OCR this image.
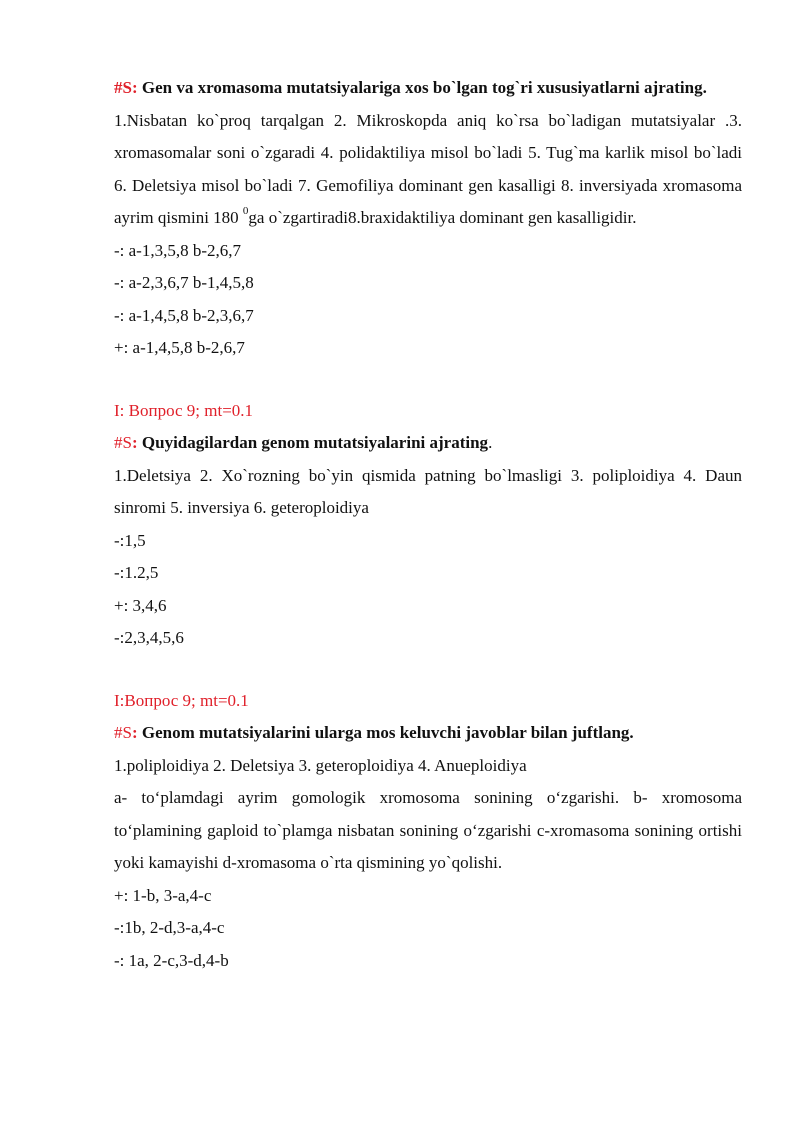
#S: Gen va xromasoma mutatsiyalariga xos bo`lgan tog`ri xususiyatlarni ajrating.

1.Nisbatan ko`proq tarqalgan 2. Mikroskopda aniq ko`rsa bo`ladigan mutatsiyalar .3. xromasomalar soni o`zgaradi 4. polidaktiliya misol bo`ladi 5. Tug`ma karlik misol bo`ladi 6. Deletsiya misol bo`ladi 7. Gemofiliya dominant gen kasalligi 8. inversiyada xromasoma ayrim qismini 180 $^0$ga o`zgartiradi8.braxidaktiliya dominant gen kasalligidir.

-: a-1,3,5,8 b-2,6,7

-: a-2,3,6,7 b-1,4,5,8

-: a-1,4,5,8 b-2,3,6,7

+: a-1,4,5,8 b-2,6,7

I: Вопрос 9; mt=0.1

#S: Quyidagilardan genom mutatsiyalarini ajrating.

1.Deletsiya 2. Xo`rozning bo`yin qismida patning bo`lmasligi 3. poliploidiya 4. Daun sinromi 5. inversiya 6. geteroploidiya

-:1,5

-:1.2,5

+: 3,4,6

-:2,3,4,5,6

I:Вопрос 9; mt=0.1

#S: Genom mutatsiyalarini ularga mos keluvchi javoblar bilan juftlang.

1.poliploidiya 2. Deletsiya 3. geteroploidiya 4. Anueploidiya

a- to‘plamdagi ayrim gomologik xromosoma sonining o‘zgarishi. b- xromosoma to‘plamining gaploid to`plamga nisbatan sonining o‘zgarishi c-xromasoma sonining ortishi yoki kamayishi d-xromasoma o`rta qismining yo`qolishi.

+: 1-b, 3-a,4-c

-:1b, 2-d,3-a,4-c

-: 1a, 2-c,3-d,4-b
